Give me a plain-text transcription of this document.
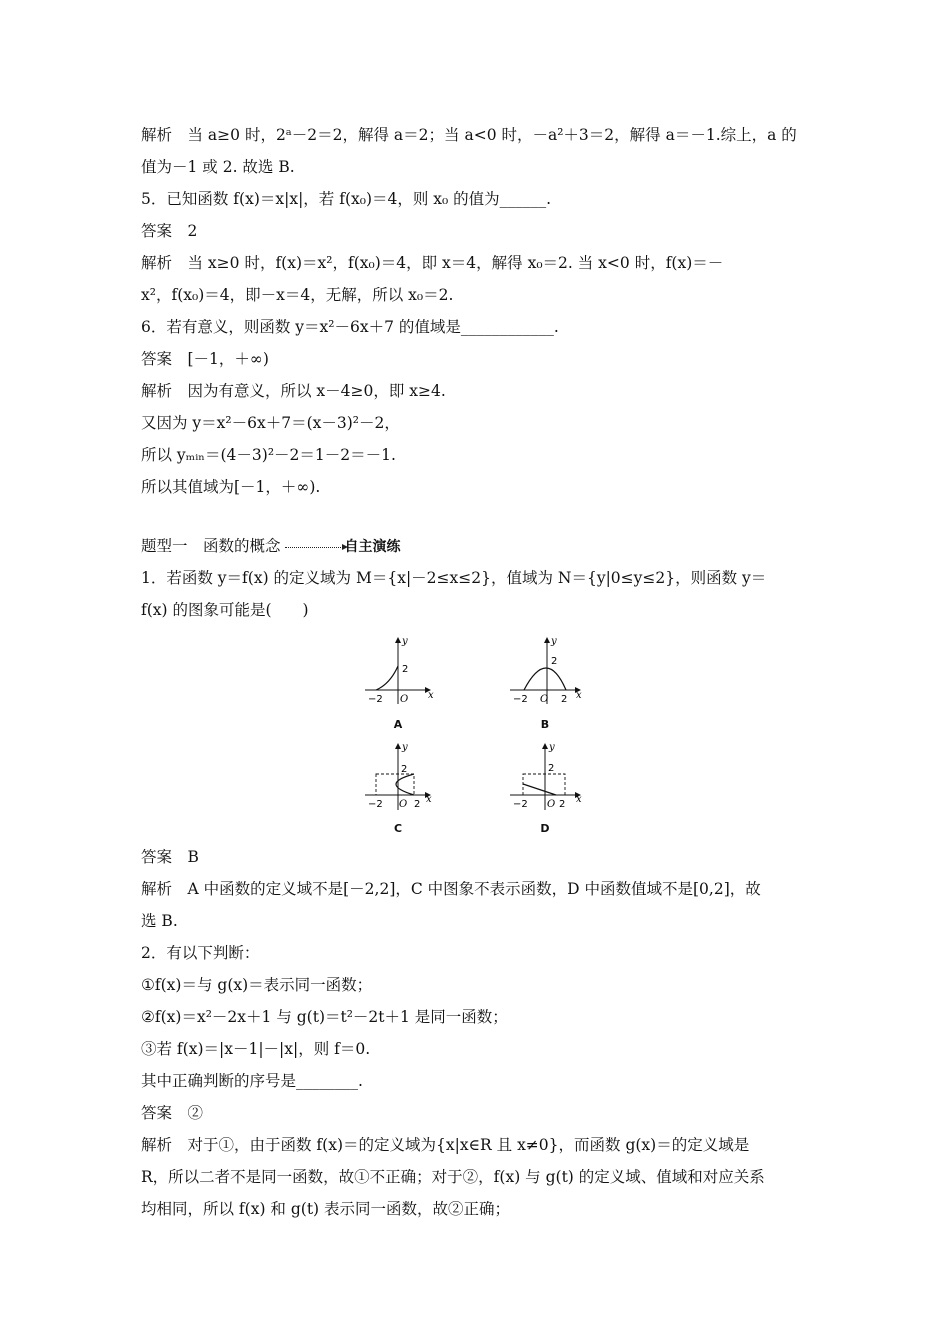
解析　当 a≥0 时，2ᵃ－2＝2，解得 a＝2；当 a<0 时，－a²＋3＝2，解得 a＝－1.综上，a 的
值为－1 或 2. 故选 B.
5．已知函数 f(x)＝x|x|，若 f(x₀)＝4，则 x₀ 的值为______.
答案　2
解析　当 x≥0 时，f(x)＝x²，f(x₀)＝4，即 x＝4，解得 x₀＝2. 当 x<0 时，f(x)＝－
x²，f(x₀)＝4，即－x＝4，无解，所以 x₀＝2.
6．若有意义，则函数 y＝x²－6x＋7 的值域是____________.
答案　[－1，＋∞)
解析　因为有意义，所以 x－4≥0，即 x≥4.
又因为 y＝x²－6x＋7＝(x－3)²－2，
所以 yₘᵢₙ＝(4－3)²－2＝1－2＝－1.
所以其值域为[－1，＋∞).
题型一　函数的概念	自主演练
1．若函数 y＝f(x) 的定义域为 M＝{x|－2≤x≤2}，值域为 N＝{y|0≤y≤2}，则函数 y＝
f(x) 的图象可能是(　　)
y
x
O
−2
2
y
x
O
−2	2
2
y
x
O
−2	2
2
y
x
O
−2	2
2
A	B
C	D
答案　B
解析　A 中函数的定义域不是[－2,2]，C 中图象不表示函数，D 中函数值域不是[0,2]，故
选 B.
2．有以下判断：
①f(x)＝与 g(x)＝表示同一函数；
②f(x)＝x²－2x＋1 与 g(t)＝t²－2t＋1 是同一函数；
③若 f(x)＝|x－1|－|x|，则 f＝0.
其中正确判断的序号是________.
答案　②
解析　对于①，由于函数 f(x)＝的定义域为{x|x∈R 且 x≠0}，而函数 g(x)＝的定义域是
R，所以二者不是同一函数，故①不正确；对于②，f(x) 与 g(t) 的定义域、值域和对应关系
均相同，所以 f(x) 和 g(t) 表示同一函数，故②正确；
